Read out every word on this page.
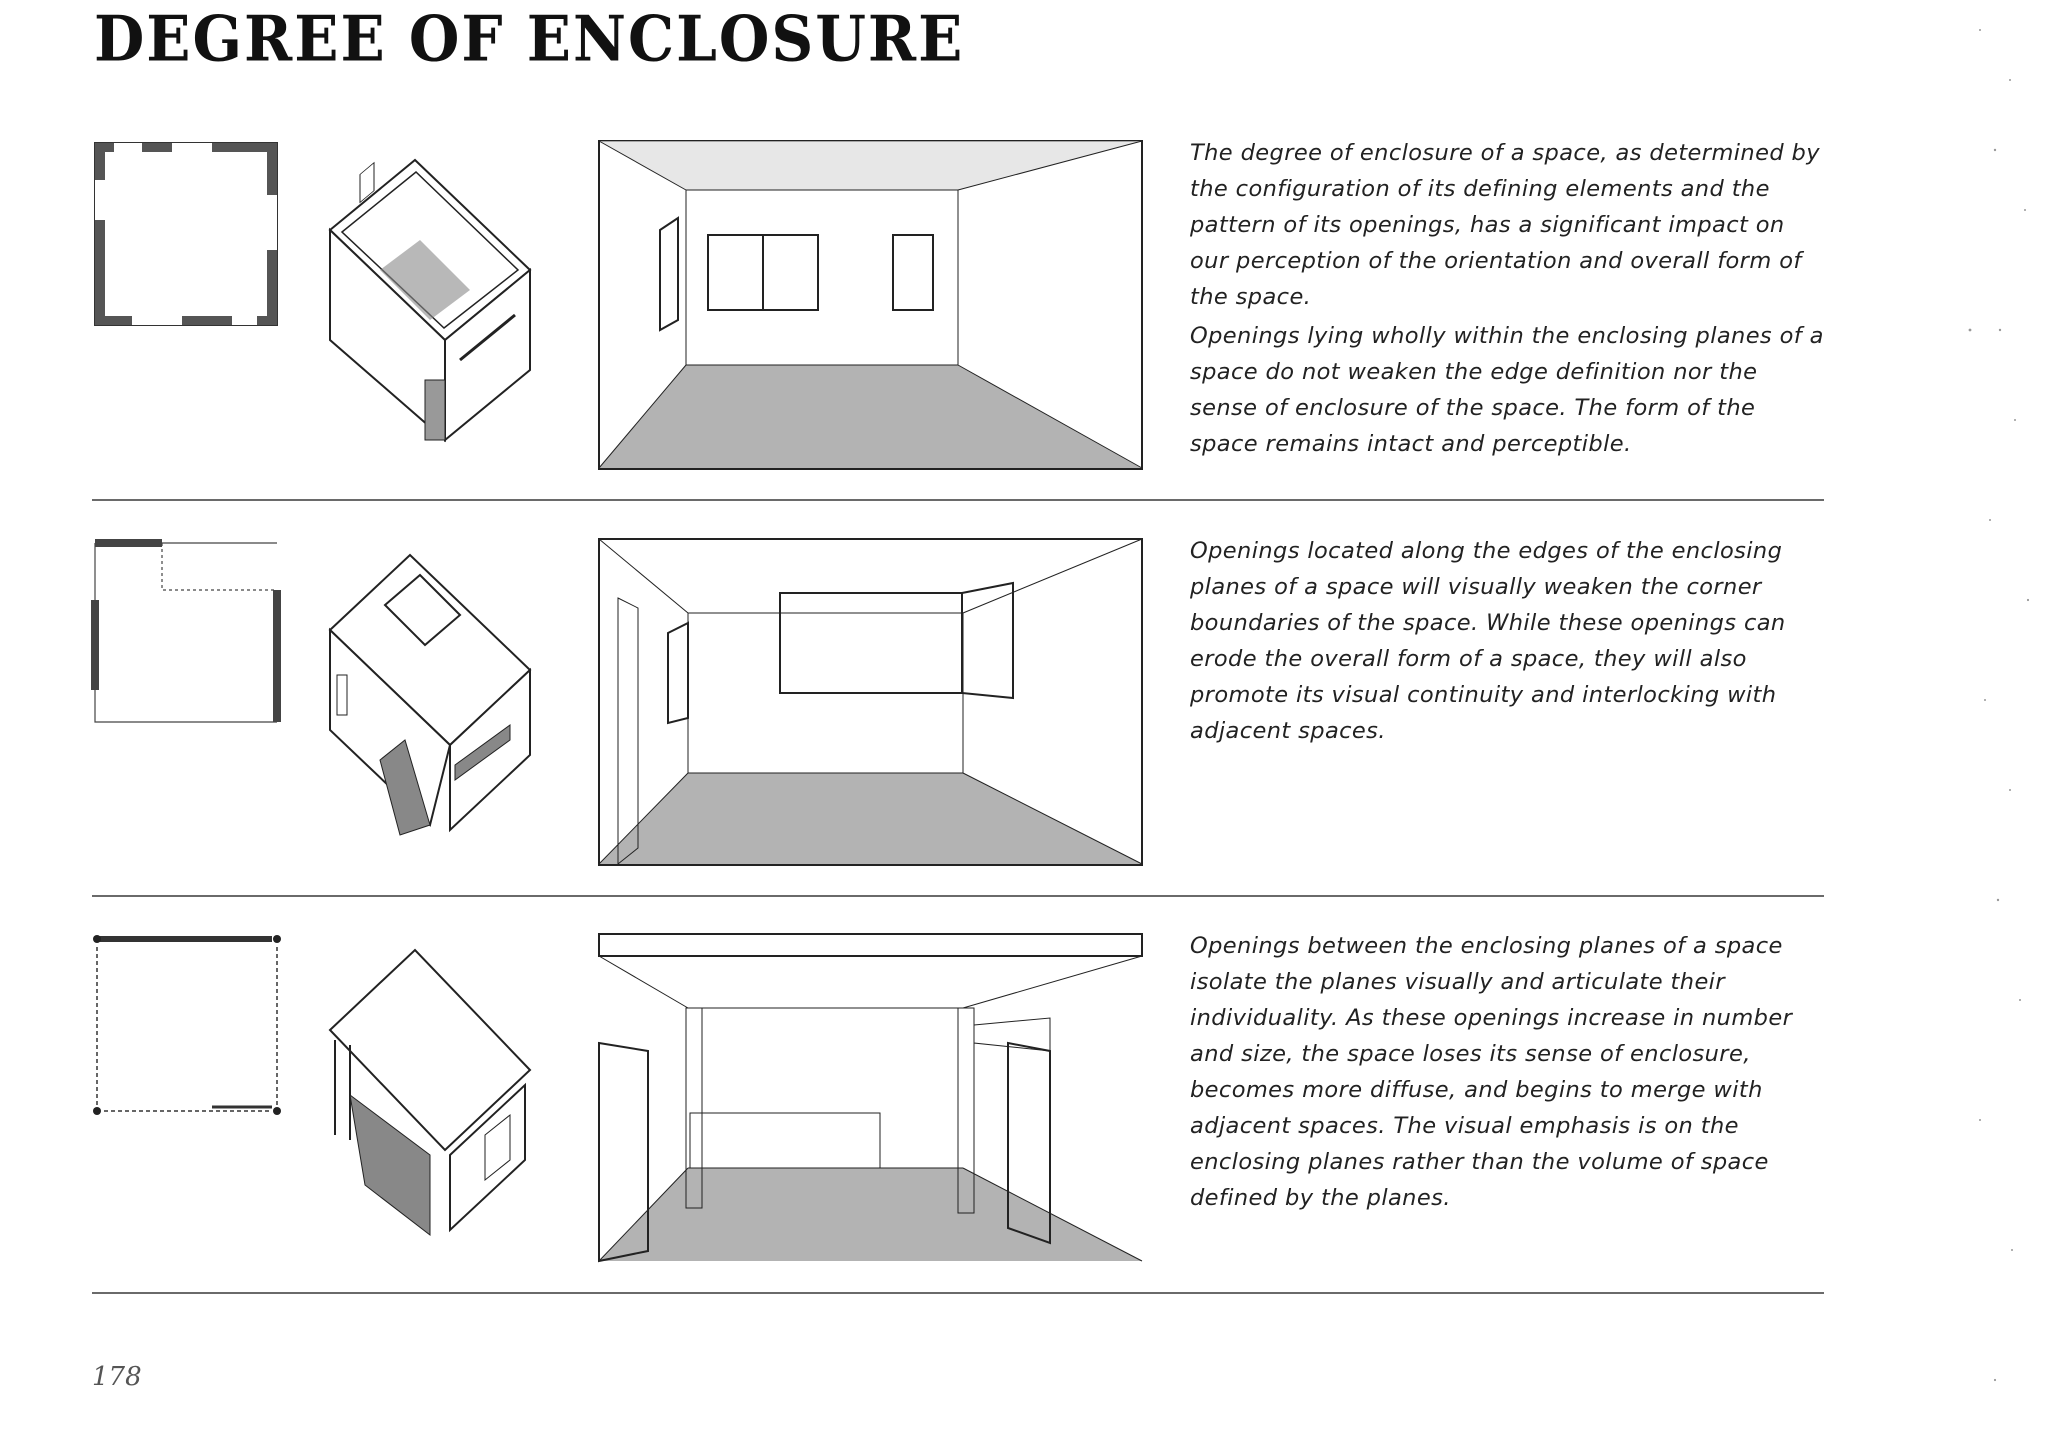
DEGREE OF ENCLOSURE

The degree of enclosure of a space, as determined by the configuration of its defining elements and the pattern of its openings, has a significant impact on our perception of the orientation and overall form of the space.

Openings lying wholly within the enclosing planes of a space do not weaken the edge definition nor the sense of enclosure of the space. The form of the space remains intact and perceptible.

Openings located along the edges of the enclosing planes of a space will visually weaken the corner boundaries of the space. While these openings can erode the overall form of a space, they will also promote its visual continuity and interlocking with adjacent spaces.

Openings between the enclosing planes of a space isolate the planes visually and articulate their individuality. As these openings increase in number and size, the space loses its sense of enclosure, becomes more diffuse, and begins to merge with adjacent spaces. The visual emphasis is on the enclosing planes rather than the volume of space defined by the planes.

178
